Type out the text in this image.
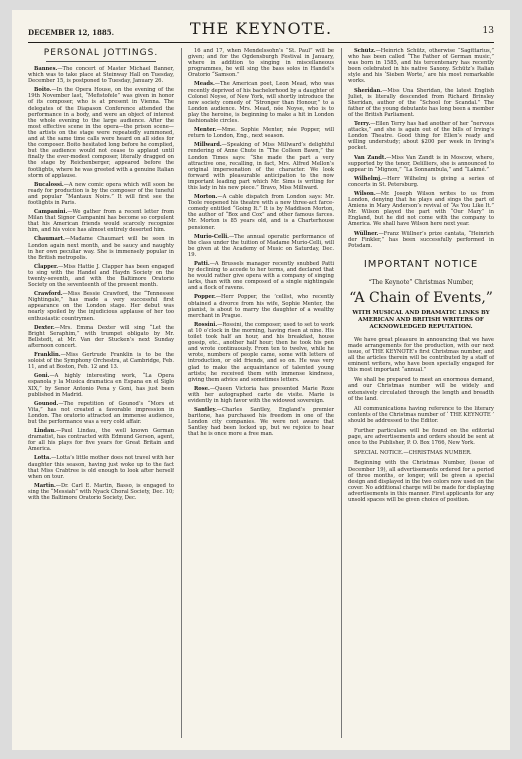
DECEMBER 12, 1885.	THE KEYNOTE.	13
PERSONAL JOTTINGS.

Bannes.—The concert of Master Michael Banner, which was to take place at Steinway Hall on Tuesday, December 15, is postponed to Tuesday, January 26.

Boito.—In the Opera House, on the evening of the 19th November last, “Mefistofele” was given in honor of its composer, who is at present in Vienna. The delegates of the Diapason Conference attended the performance in a body, and were an object of interest the whole evening to the large audience. After the most effective scene in the opera—the prison scene—the artists on the stage were repeatedly summoned, and at the same time calls were heard on all sides for the composer. Boito hesitated long before he complied, but the audience would not cease to applaud until finally the ever-modest composer, literally dragged on the stage by Reichenberger, appeared before the footlights, where he was greeted with a genuine Italian storm of applause.

Bucalossi.—A new comic opera which will soon be ready for production is by the composer of the tuneful and popular “Mantaux Noirs.” It will first see the footlights in Paris.

Campanini.—We gather from a recent letter from Milan that Signor Campanini has become so corpulent that his American friends would scarcely recognize him, and his voice has almost entirely deserted him.

Chaumart.—Madame Chaumart will be seen in London again next month, and be saucy and naughty in her own peculiar way. She is immensely popular in the British metropolis.

Clapper.—Miss Hattie J. Clapper has been engaged to sing with the Handel and Haydn Society on the twenty-seventh, and with the Baltimore Oratorio Society on the seventeenth of the present month.

Crawford.—Miss Bessie Crawford, the “Tennessee Nightingale,” has made a very successful first appearance on the London stage. Her debut was nearly spoiled by the injudicious applause of her too enthusiastic countrymen.

Dexter.—Mrs. Emma Dexter will sing “Let the Bright Seraphim,” with trumpet obligato by Mr. Bellstedt, at Mr. Van der Stucken’s next Sunday afternoon concert.

Franklin.—Miss Gertrude Franklin is to be the soloist of the Symphony Orchestra, at Cambridge, Feb. 11, and at Boston, Feb. 12 and 13.

Goni.—A highly interesting work, “La Opera espanola y la Musica dramatica en Espana en el Siglo XIX,” by Senor Antonio Pena y Goni, has just been published in Madrid.

Gounod.—The repetition of Gounod’s “Mors et Vita,” has not created a favorable impression in London. The oratorio attracted an immense audience, but the performance was a very cold affair.

Lindau.—Paul Lindau, the well known German dramatist, has contracted with Edmund Gerson, agent, for all his plays for five years for Great Britain and America.

Lotta.—Lotta’s little mother does not travel with her daughter this season, having just woke up to the fact that Miss Crabtree is old enough to look after herself when on tour.

Martin.—Dr. Carl E. Martin, Basso, is engaged to sing the “Messiah” with Nyack Choral Society, Dec. 10; with the Baltimore Oratorio Society, Dec.

16 and 17, when Mendelssohn’s “St. Paul” will be given; and for the Ogdensburgh Festival in January, where in addition to singing in miscellaneous programmes, he will sing the bass solos in Handel’s Oratorio “Samson.”

Meads.—The American poet, Leon Mead, who was recently deprived of his bachelorhood by a daughter of Colonel Noyse, of New York, will shortly introduce the new society comedy of “Stronger than Honour,” to a London audience. Mrs. Mead, née Noyse, who is to play the heroine, is beginning to make a hit in London fashionable circles.

Menter.—Mme. Sophie Menter, née Popper, will return to London, Eng., next season.

Millward.—Speaking of Miss Millward’s delightful rendering of Anne Chute in “The Colleen Bawn,” the London Times says: “She made the part a very attractive one, recalling, in fact, Mrs. Alfred Mellon’s original impersonation of the character. We look forward with pleasurable anticipation to the now important leading part which Mr. Sims is writing for this lady in his new piece.” Bravo, Miss Millward.

Morton.—A cable dispatch from London says: Mr. Toole reopened his theatre with a new three-act farce-comedy entitled “Going It.” It is by Maddison Morton, the author of “Box and Cox” and other famous farces. Mr. Morton is 85 years old, and is a Charterhouse pensioner.

Murio-Celli.—The annual operatic performance of the class under the tuition of Madame Murio-Celli, will be given at the Academy of Music on Saturday, Dec. 19.

Patti.—A Brussels manager recently snubbed Patti by declining to accede to her terms, and declared that he would rather give opera with a company of singing larks, than with one composed of a single nightingale and a flock of ravens.

Popper.—Herr Popper, the ’cellist, who recently obtained a divorce from his wife, Sophie Menter, the pianist, is about to marry the daughter of a wealthy merchant in Prague.

Rossini.—Rossini, the composer, used to set to work at 10 o’clock in the morning, having risen at nine. His toilet took half an hour, and his breakfast, house gossip, etc., another half hour; then he took his pen and wrote continuously. From ten to twelve, while he wrote, numbers of people came, some with letters of introduction, or old friends, and so on. He was very glad to make the acquaintance of talented young artists; he received them with immense kindness, giving them advice and sometimes letters.

Rose.—Queen Victoria has presented Marie Roze with her autographed carte de visite. Marie is evidently in high favor with the widowed sovereign.

Santley.—Charles Santley, England’s premier baritone, has purchased his freedom in one of the London city companies. We were not aware that Santley had been locked up, but we rejoice to hear that he is once more a free man.

Schütz.—Heinrich Schütz, otherwise “Sagittarius,” who has been called “The Father of German music,” was born in 1585, and his tercentenary has recently been celebrated in his native Saxony. Schütz’s Italian style and his ‘Sieben Worte,’ are his most remarkable works.

Sheridan.—Miss Una Sheridan, the latest English Juliet, is literally descended from Richard Brinsley Sheridan, author of the “School for Scandal.” The father of the young debutante has long been a member of the British Parliament.

Terry.—Ellen Terry has had another of her “nervous attacks,” and she is again out of the bills of Irving’s London Theatre. Good thing for Ellen’s ready and willing understudy; about $200 per week in Irving’s pocket.

Van Zandt.—Miss Van Zandt is in Moscow, where, supported by the tenor, Delilliers, she is announced to appear in “Mignon,” “La Sonnambula,” and “Lakmé.”

Wilhelmj.—Herr Wilhelmj is giving a series of concerts in St. Petersburg.

Wilson.—Mr. Joseph Wilson writes to us from London, denying that he plays and sings the part of Amiens in Mary Anderson’s revival of “As You Like It.” Mr. Wilson played the part with “Our Mary” in England, but he did not come with the company to America. We shall have Wilson here next year.

Wüllner.—Franz Wüllner’s prize cantata, “Heinrich der Finkler,” has been successfully performed in Potsdam.

IMPORTANT NOTICE
“The Keynote” Christmas Number,
“A Chain of Events,”
WITH MUSICAL AND DRAMATIC LINKS BY AMERICAN AND BRITISH WRITERS OF ACKNOWLEDGED REPUTATION.

We have great pleasure in announcing that we have made arrangements for the production, with our next issue, of THE KEYNOTE’s first Christmas number, and all the articles therein will be contributed by a staff of eminent writers, who have been specially engaged for this most important “annual.”

We shall be prepared to meet an enormous demand, and our Christmas number will be widely and extensively circulated through the length and breadth of the land.

All communications having reference to the literary contents of the Christmas number of ‘ THE KEYNOTE ’ should be addressed to the Editor.

Further particulars will be found on the editorial page, are advertisements and orders should be sent at once to the Publisher, P. O. Box 1766, New York.

SPECIAL NOTICE.—CHRISTMAS NUMBER.

Beginning with the Christmas Number, (issue of December 19), all advertisements ordered for a period of three months, or longer, will be given a special design and displayed in the two colors now used on the cover. No additional charge will be made for displaying advertisements in this manner. First applicants for any unsold spaces will be given choice of position.
